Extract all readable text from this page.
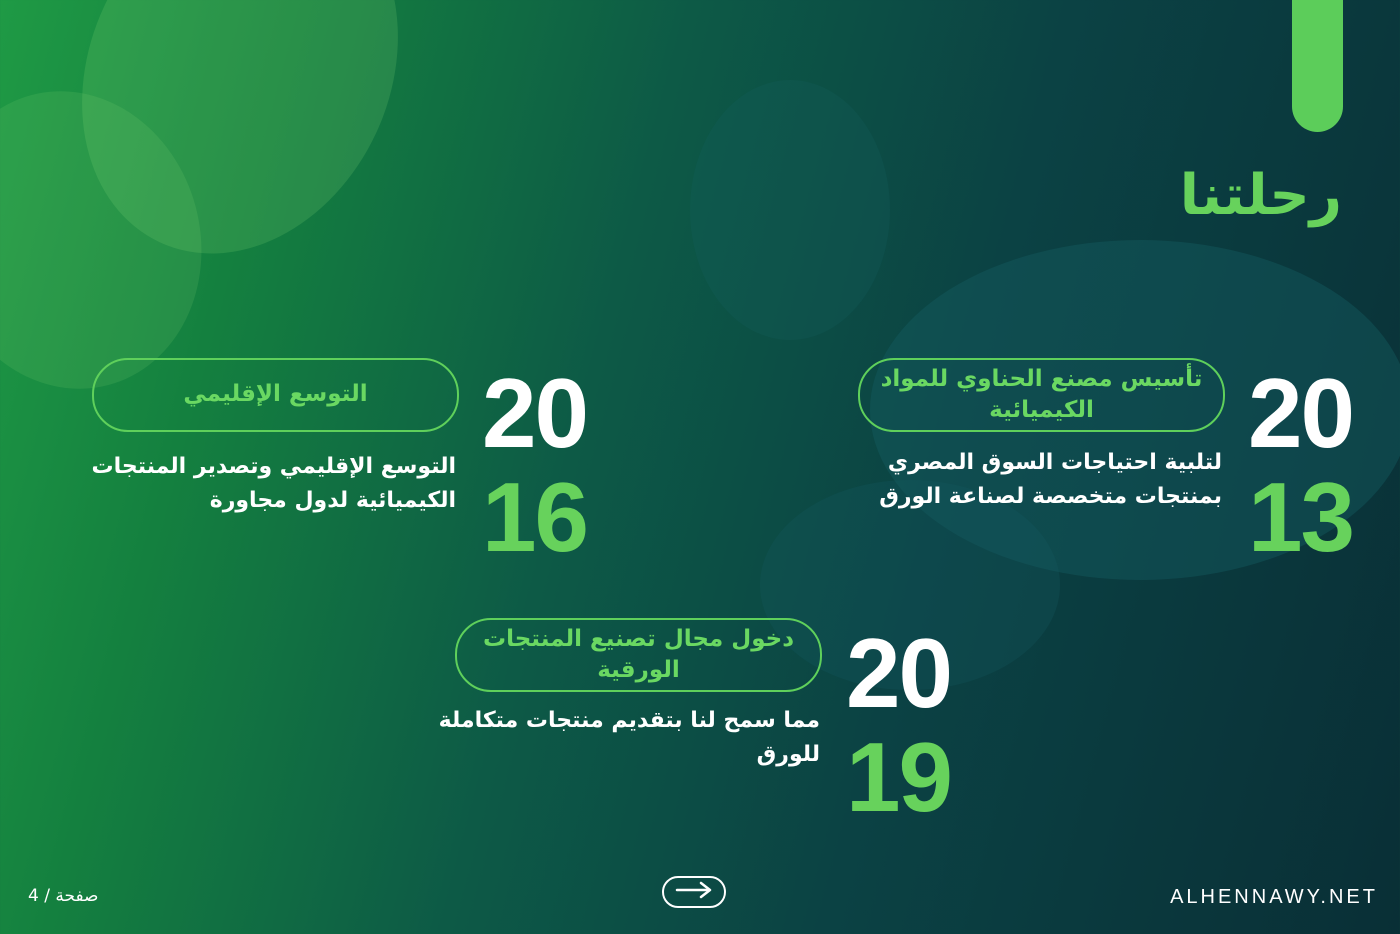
رحلتنا
20
13
تأسيس مصنع الحناوي للمواد الكيميائية
لتلبية احتياجات السوق المصري بمنتجات متخصصة لصناعة الورق
20
16
التوسع الإقليمي
التوسع الإقليمي وتصدير المنتجات الكيميائية لدول مجاورة
20
19
دخول مجال تصنيع المنتجات الورقية
مما سمح لنا بتقديم منتجات متكاملة للورق
صفحة / 4	ALHENNAWY.NET
